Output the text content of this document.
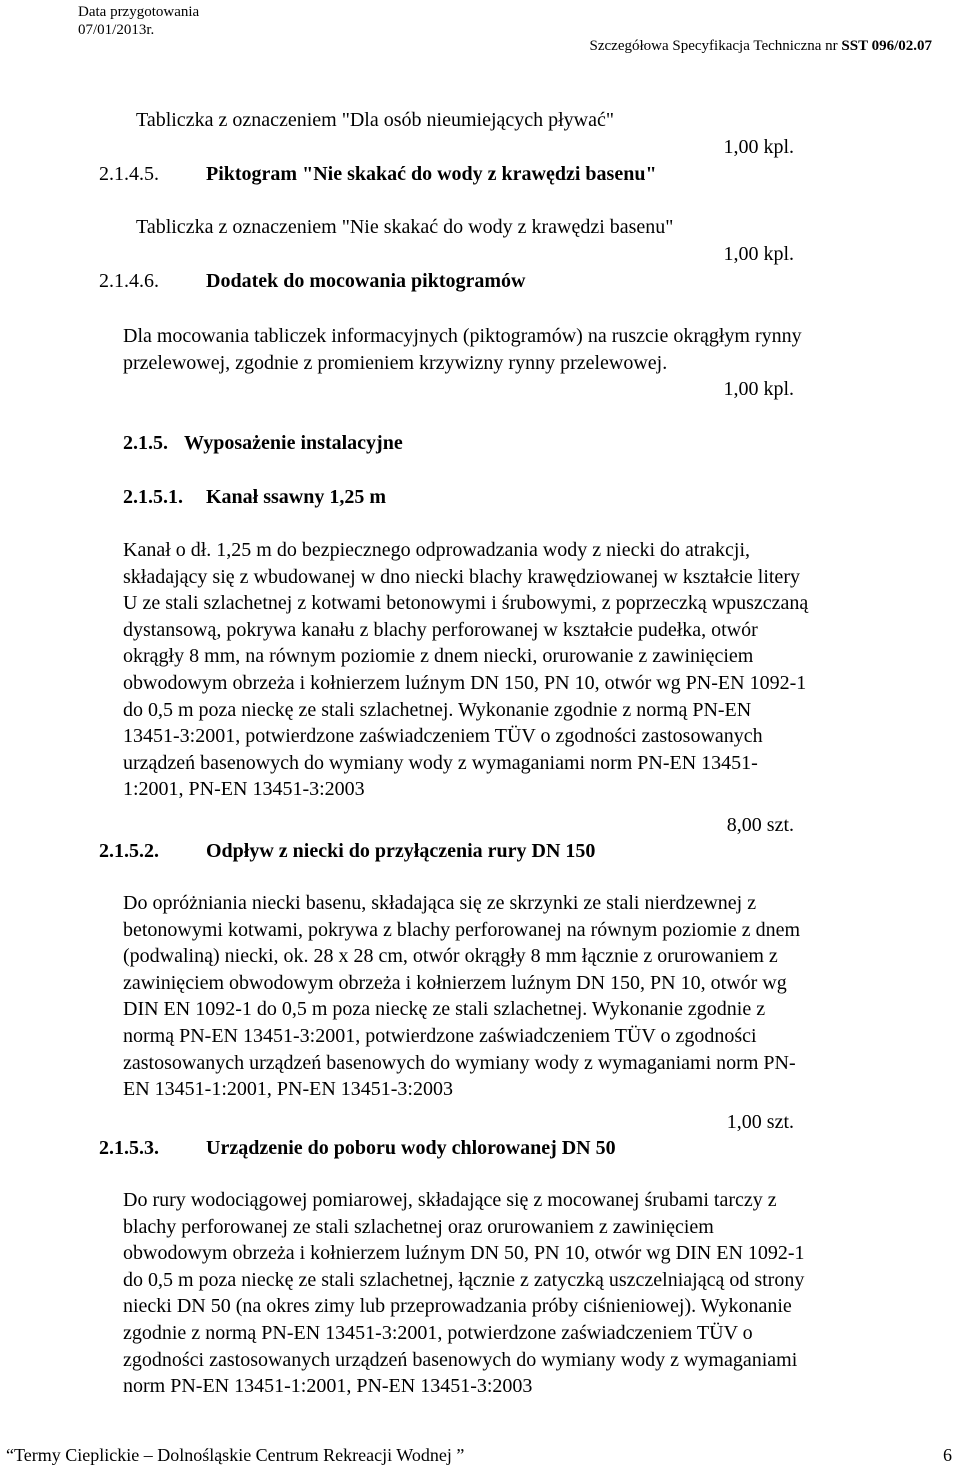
Data przygotowania
07/01/2013r.
Szczegółowa Specyfikacja Techniczna nr SST 096/02.07
Tabliczka z oznaczeniem "Dla osób nieumiejących pływać"
1,00 kpl.
2.1.4.5. Piktogram "Nie skakać do wody z krawędzi basenu"
Tabliczka z oznaczeniem "Nie skakać do wody z krawędzi basenu"
1,00 kpl.
2.1.4.6. Dodatek do mocowania piktogramów
Dla mocowania tabliczek informacyjnych (piktogramów) na ruszcie okrągłym rynny
przelewowej, zgodnie z promieniem krzywizny rynny przelewowej.
1,00 kpl.
2.1.5. Wyposażenie instalacyjne
2.1.5.1. Kanał ssawny 1,25 m
Kanał o dł. 1,25 m do bezpiecznego odprowadzania wody z niecki do atrakcji,
składający się z wbudowanej w dno niecki blachy krawędziowanej w kształcie litery
U ze stali szlachetnej z kotwami betonowymi i śrubowymi, z poprzeczką wpuszczaną
dystansową, pokrywa kanału z blachy perforowanej w kształcie pudełka, otwór
okrągły 8 mm, na równym poziomie z dnem niecki, orurowanie z zawinięciem
obwodowym obrzeża i kołnierzem luźnym DN 150, PN 10, otwór wg PN-EN 1092-1
do 0,5 m poza nieckę ze stali szlachetnej. Wykonanie zgodnie z normą PN-EN
13451-3:2001, potwierdzone zaświadczeniem TÜV o zgodności zastosowanych
urządzeń basenowych do wymiany wody z wymaganiami norm PN-EN 13451-
1:2001, PN-EN 13451-3:2003
8,00 szt.
2.1.5.2. Odpływ z niecki do przyłączenia rury DN 150
Do opróżniania niecki basenu, składająca się ze skrzynki ze stali nierdzewnej z
betonowymi kotwami, pokrywa z blachy perforowanej na równym poziomie z dnem
(podwaliną) niecki, ok. 28 x 28 cm, otwór okrągły 8 mm łącznie z orurowaniem z
zawinięciem obwodowym obrzeża i kołnierzem luźnym DN 150, PN 10, otwór wg
DIN EN 1092-1 do 0,5 m poza nieckę ze stali szlachetnej. Wykonanie zgodnie z
normą PN-EN 13451-3:2001, potwierdzone zaświadczeniem TÜV o zgodności
zastosowanych urządzeń basenowych do wymiany wody z wymaganiami norm PN-
EN 13451-1:2001, PN-EN 13451-3:2003
1,00 szt.
2.1.5.3. Urządzenie do poboru wody chlorowanej DN 50
Do rury wodociągowej pomiarowej, składające się z mocowanej śrubami tarczy z
blachy perforowanej ze stali szlachetnej oraz orurowaniem z zawinięciem
obwodowym obrzeża i kołnierzem luźnym DN 50, PN 10, otwór wg DIN EN 1092-1
do 0,5 m poza nieckę ze stali szlachetnej, łącznie z zatyczką uszczelniającą od strony
niecki DN 50 (na okres zimy lub przeprowadzania próby ciśnieniowej). Wykonanie
zgodnie z normą PN-EN 13451-3:2001, potwierdzone zaświadczeniem TÜV o
zgodności zastosowanych urządzeń basenowych do wymiany wody z wymaganiami
norm PN-EN 13451-1:2001, PN-EN 13451-3:2003
“Termy Cieplickie – Dolnośląskie Centrum Rekreacji Wodnej ”	6
